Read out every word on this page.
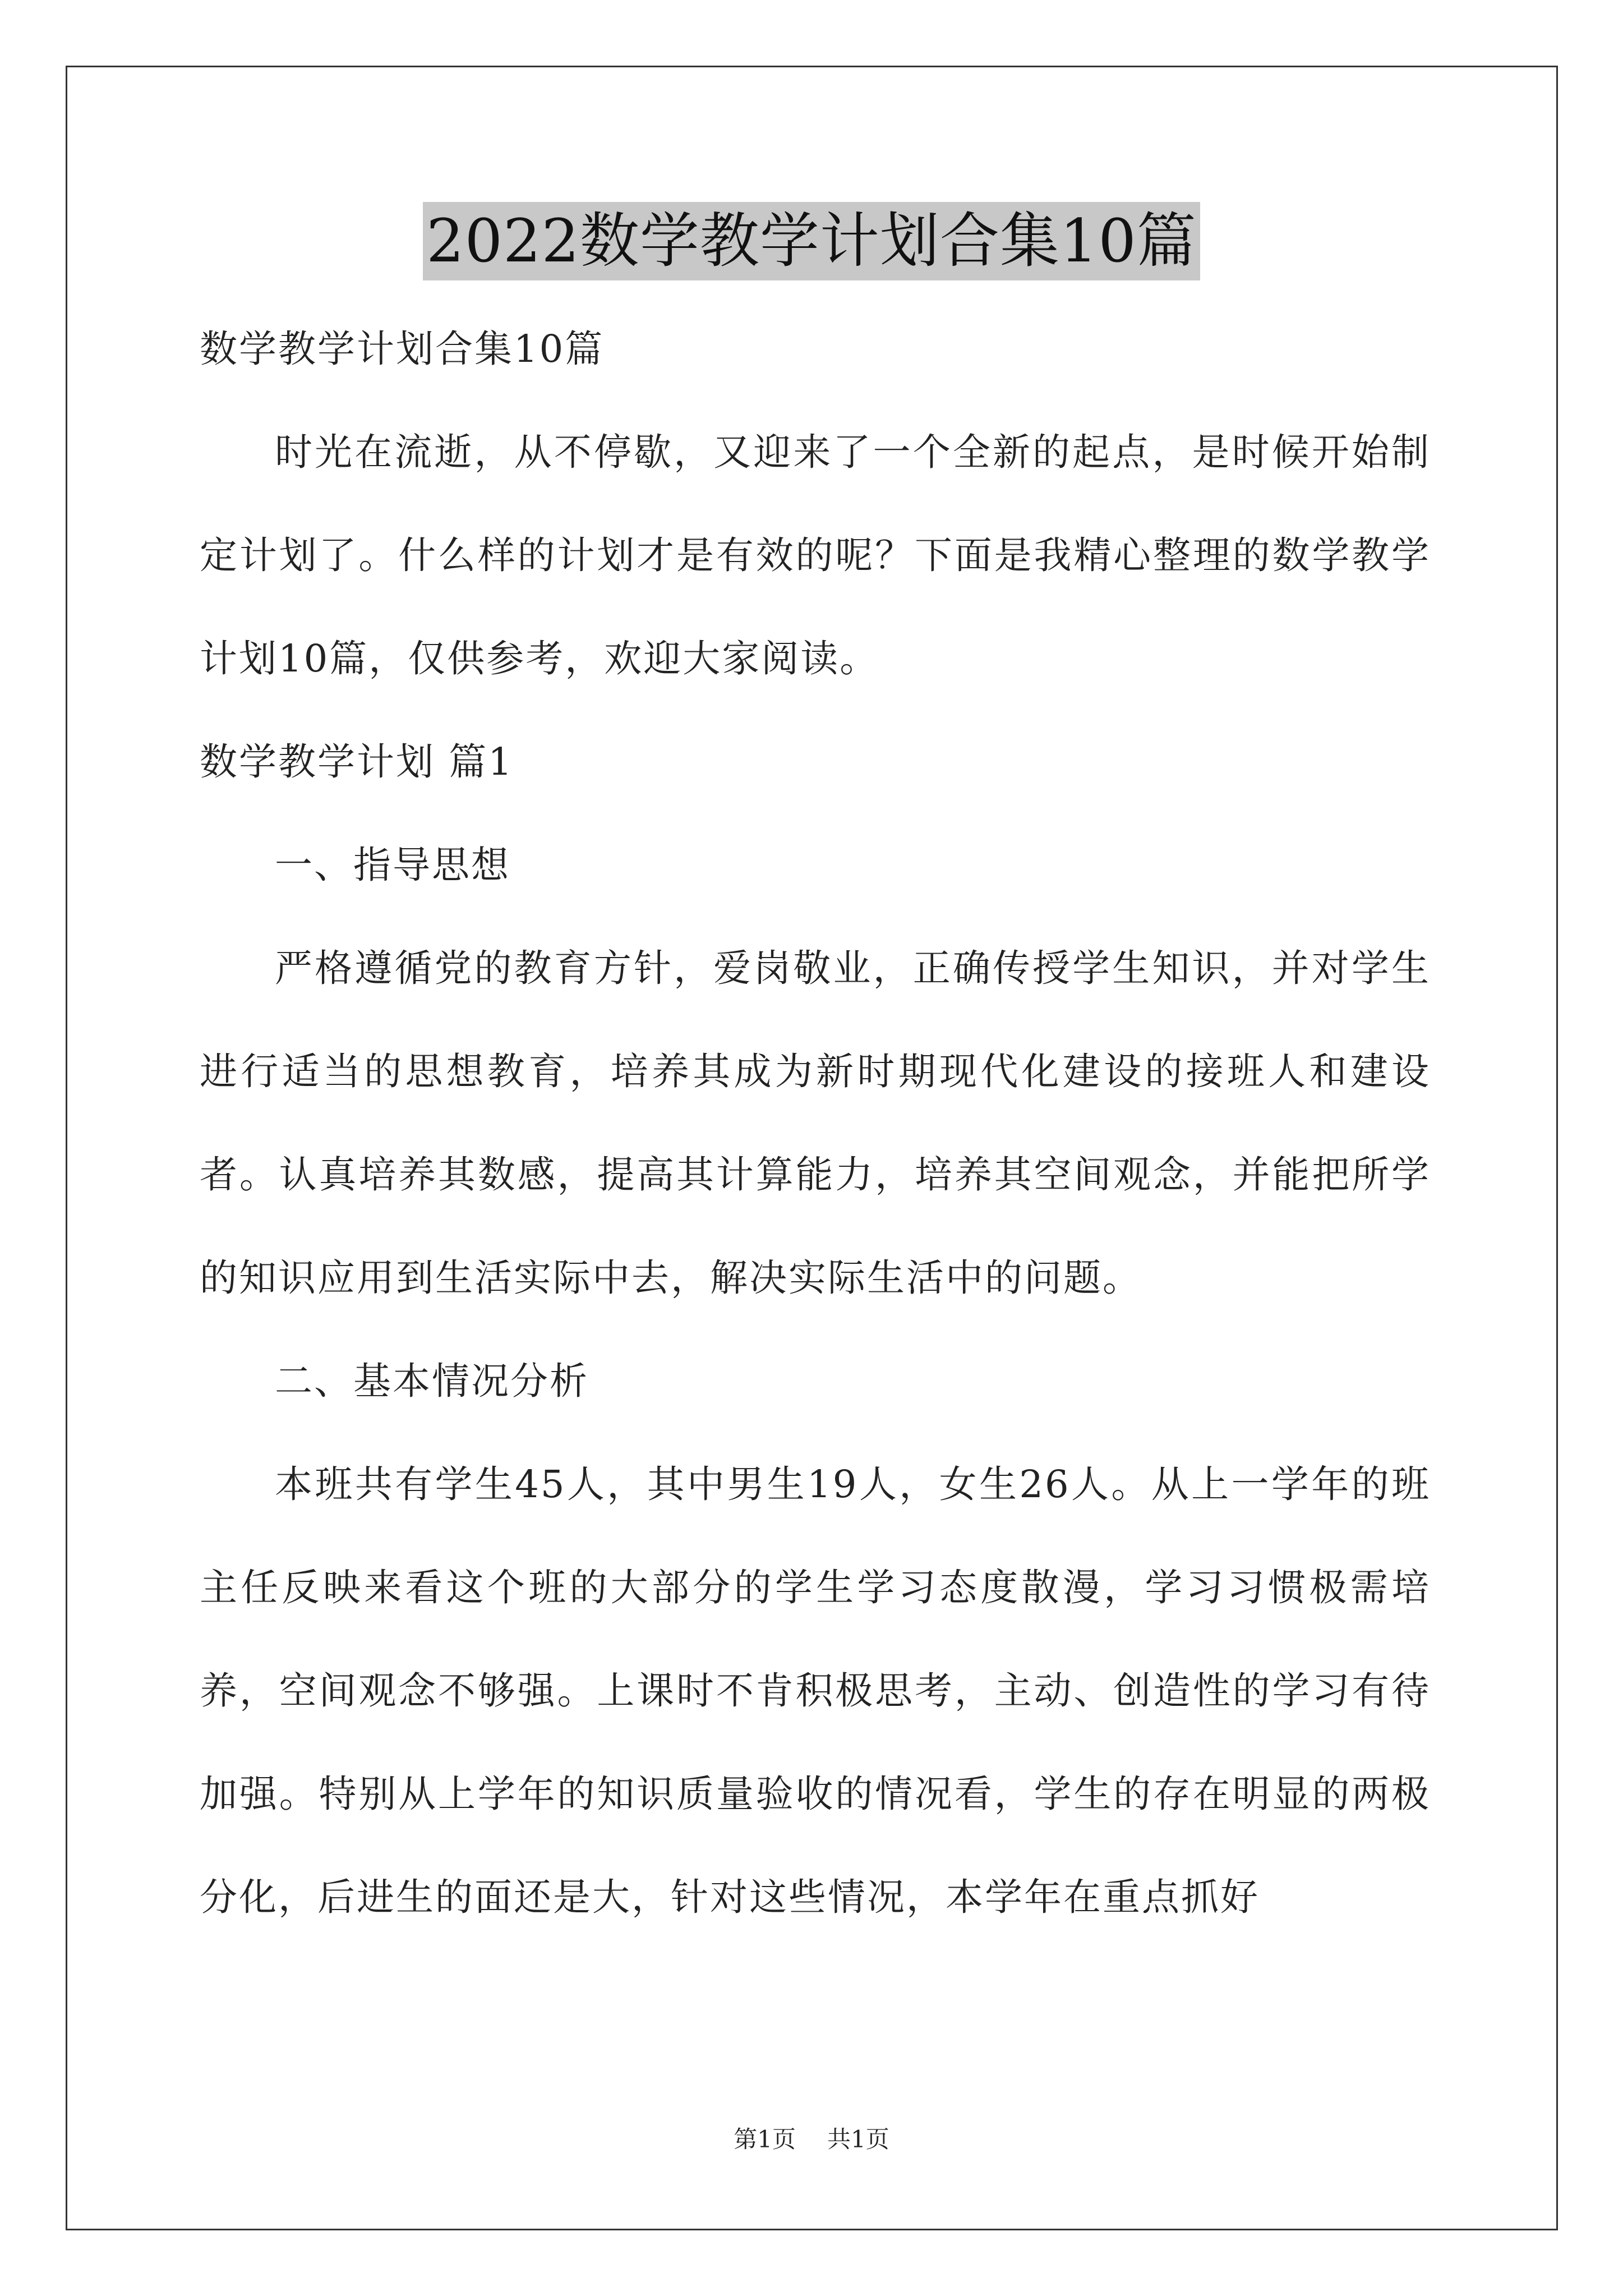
2022数学教学计划合集10篇

数学教学计划合集10篇

时光在流逝，从不停歇，又迎来了一个全新的起点，是时候开始制定计划了。什么样的计划才是有效的呢？下面是我精心整理的数学教学计划10篇，仅供参考，欢迎大家阅读。

数学教学计划 篇1

一、指导思想

严格遵循党的教育方针，爱岗敬业，正确传授学生知识，并对学生进行适当的思想教育，培养其成为新时期现代化建设的接班人和建设者。认真培养其数感，提高其计算能力，培养其空间观念，并能把所学的知识应用到生活实际中去，解决实际生活中的问题。

二、基本情况分析

本班共有学生45人，其中男生19人，女生26人。从上一学年的班主任反映来看这个班的大部分的学生学习态度散漫，学习习惯极需培养，空间观念不够强。上课时不肯积极思考，主动、创造性的学习有待加强。特别从上学年的知识质量验收的情况看，学生的存在明显的两极分化，后进生的面还是大，针对这些情况，本学年在重点抓好

第1页 共1页
